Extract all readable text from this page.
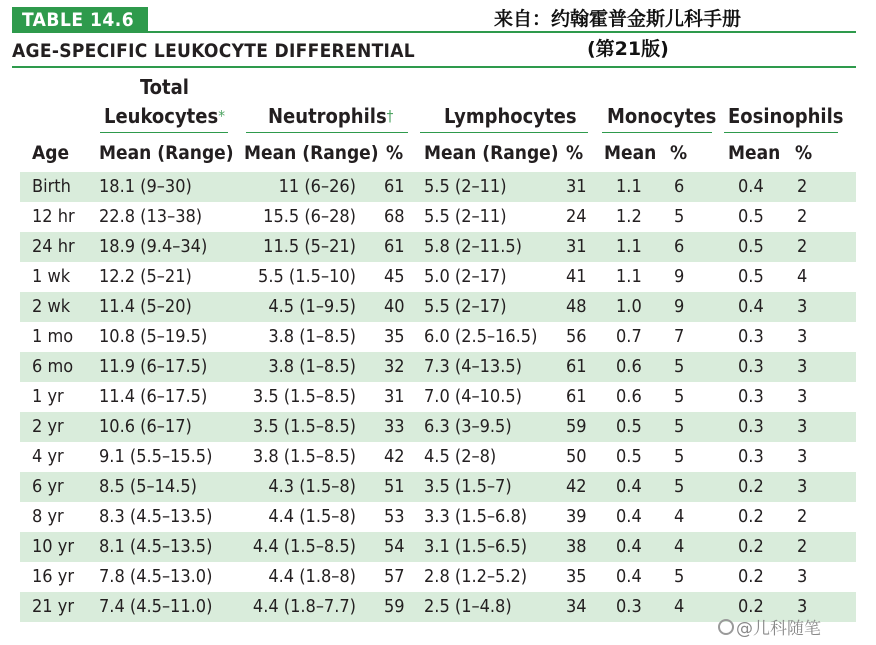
TABLE 14.6	来自：约翰霍普金斯儿科手册
(第21版)
AGE-SPECIFIC LEUKOCYTE DIFFERENTIAL
Total
Leukocytes* Neutrophils†	Lymphocytes Monocytes Eosinophils
Age Mean (Range) Mean (Range) % Mean (Range) % Mean % Mean %
Birth 18.1 (9–30)	11 (6–26) 61 5.5 (2–11)	31 1.1 6	0.4 2
12 hr 22.8 (13–38)	15.5 (6–28) 68 5.5 (2–11)	24 1.2 5	0.5 2
24 hr 18.9 (9.4–34)	11.5 (5–21) 61 5.8 (2–11.5) 31 1.1 6	0.5 2
1 wk 12.2 (5–21)	5.5 (1.5–10) 45 5.0 (2–17)	41 1.1 9	0.5 4
2 wk 11.4 (5–20)	4.5 (1–9.5) 40 5.5 (2–17)	48 1.0 9	0.4 3
1 mo 10.8 (5–19.5)	3.8 (1–8.5) 35 6.0 (2.5–16.5) 56 0.7 7	0.3 3
6 mo 11.9 (6–17.5)	3.8 (1–8.5) 32 7.3 (4–13.5) 61 0.6 5	0.3 3
1 yr 11.4 (6–17.5)	3.5 (1.5–8.5) 31 7.0 (4–10.5) 61 0.6 5	0.3 3
2 yr 10.6 (6–17)	3.5 (1.5–8.5) 33 6.3 (3–9.5)	59 0.5 5	0.3 3
4 yr 9.1 (5.5–15.5) 3.8 (1.5–8.5) 42 4.5 (2–8)	50 0.5 5	0.3 3
6 yr 8.5 (5–14.5)	4.3 (1.5–8) 51 3.5 (1.5–7)	42 0.4 5	0.2 3
8 yr 8.3 (4.5–13.5)	4.4 (1.5–8) 53 3.3 (1.5–6.8) 39 0.4 4	0.2 2
10 yr 8.1 (4.5–13.5) 4.4 (1.5–8.5) 54 3.1 (1.5–6.5) 38 0.4 4	0.2 2
16 yr 7.8 (4.5–13.0)	4.4 (1.8–8) 57 2.8 (1.2–5.2) 35 0.4 5	0.2 3
21 yr 7.4 (4.5–11.0) 4.4 (1.8–7.7) 59 2.5 (1–4.8)	34 0.3 4	0.2 3
@儿科随笔
